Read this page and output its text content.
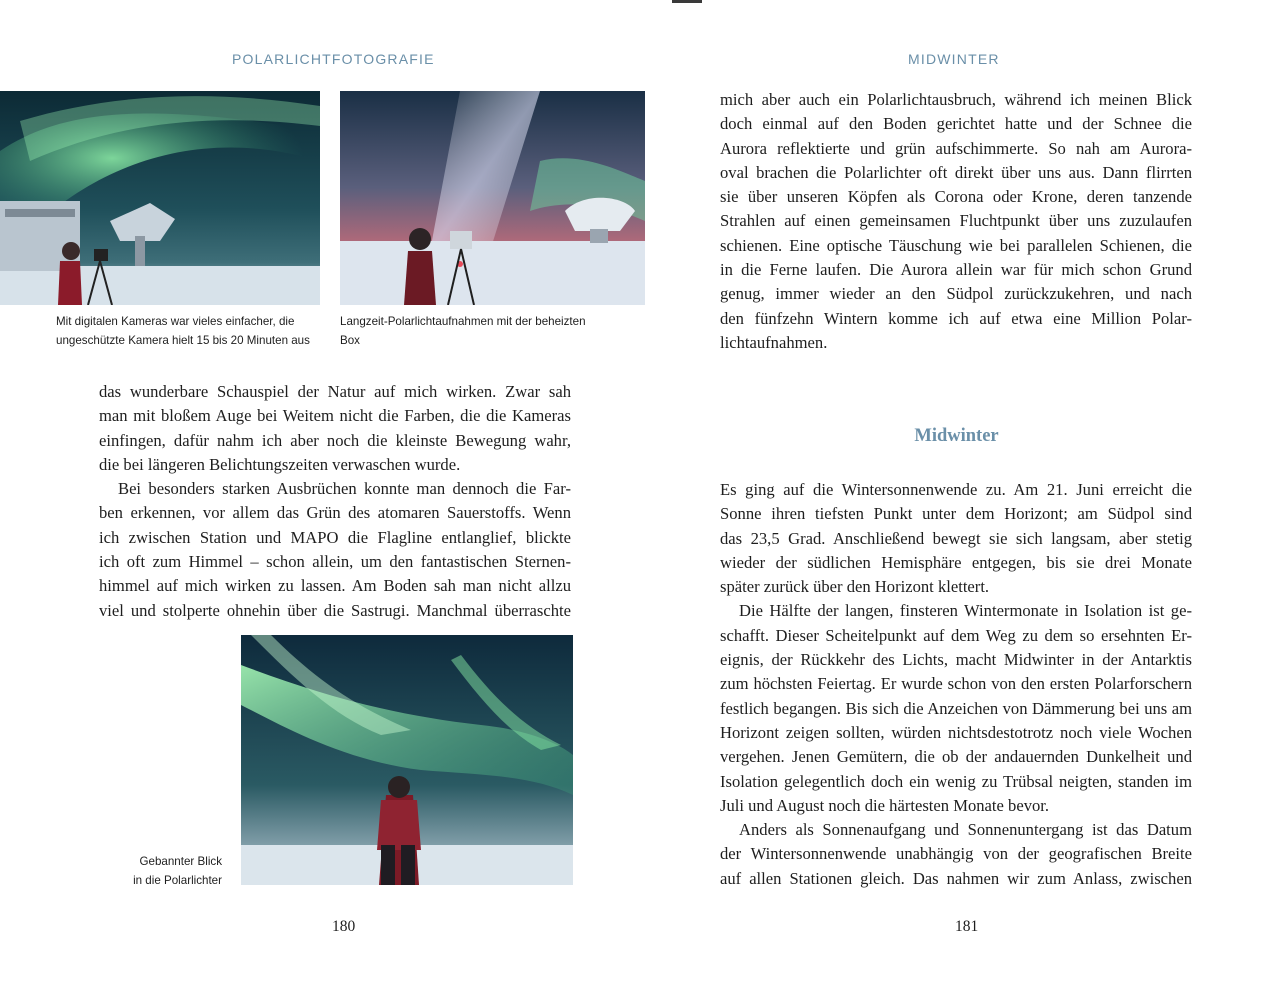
POLARLICHTFOTOGRAFIE
Mit digitalen Kameras war vieles einfacher, die
ungeschützte Kamera hielt 15 bis 20 Minuten aus
Langzeit-Polarlichtaufnahmen mit der beheizten
Box
das wunderbare Schauspiel der Natur auf mich wirken. Zwar sah
man mit bloßem Auge bei Weitem nicht die Farben, die die Kameras
einfingen, dafür nahm ich aber noch die kleinste Bewegung wahr,
die bei längeren Belichtungszeiten verwaschen wurde.
Bei besonders starken Ausbrüchen konnte man dennoch die Far-
ben erkennen, vor allem das Grün des atomaren Sauerstoffs. Wenn
ich zwischen Station und MAPO die Flagline entlanglief, blickte
ich oft zum Himmel – schon allein, um den fantastischen Sternen-
himmel auf mich wirken zu lassen. Am Boden sah man nicht allzu
viel und stolperte ohnehin über die Sastrugi. Manchmal überraschte
Gebannter Blick
in die Polarlichter
180
MIDWINTER
mich aber auch ein Polarlichtausbruch, während ich meinen Blick
doch einmal auf den Boden gerichtet hatte und der Schnee die
Aurora reflektierte und grün aufschimmerte. So nah am Aurora-
oval brachen die Polarlichter oft direkt über uns aus. Dann flirrten
sie über unseren Köpfen als Corona oder Krone, deren tanzende
Strahlen auf einen gemeinsamen Fluchtpunkt über uns zuzulaufen
schienen. Eine optische Täuschung wie bei parallelen Schienen, die
in die Ferne laufen. Die Aurora allein war für mich schon Grund
genug, immer wieder an den Südpol zurückzukehren, und nach
den fünfzehn Wintern komme ich auf etwa eine Million Polar-
lichtaufnahmen.
Midwinter
Es ging auf die Wintersonnenwende zu. Am 21. Juni erreicht die
Sonne ihren tiefsten Punkt unter dem Horizont; am Südpol sind
das 23,5 Grad. Anschließend bewegt sie sich langsam, aber stetig
wieder der südlichen Hemisphäre entgegen, bis sie drei Monate
später zurück über den Horizont klettert.
Die Hälfte der langen, finsteren Wintermonate in Isolation ist ge-
schafft. Dieser Scheitelpunkt auf dem Weg zu dem so ersehnten Er-
eignis, der Rückkehr des Lichts, macht Midwinter in der Antarktis
zum höchsten Feiertag. Er wurde schon von den ersten Polarforschern
festlich begangen. Bis sich die Anzeichen von Dämmerung bei uns am
Horizont zeigen sollten, würden nichtsdestotrotz noch viele Wochen
vergehen. Jenen Gemütern, die ob der andauernden Dunkelheit und
Isolation gelegentlich doch ein wenig zu Trübsal neigten, standen im
Juli und August noch die härtesten Monate bevor.
Anders als Sonnenaufgang und Sonnenuntergang ist das Datum
der Wintersonnenwende unabhängig von der geografischen Breite
auf allen Stationen gleich. Das nahmen wir zum Anlass, zwischen
181
